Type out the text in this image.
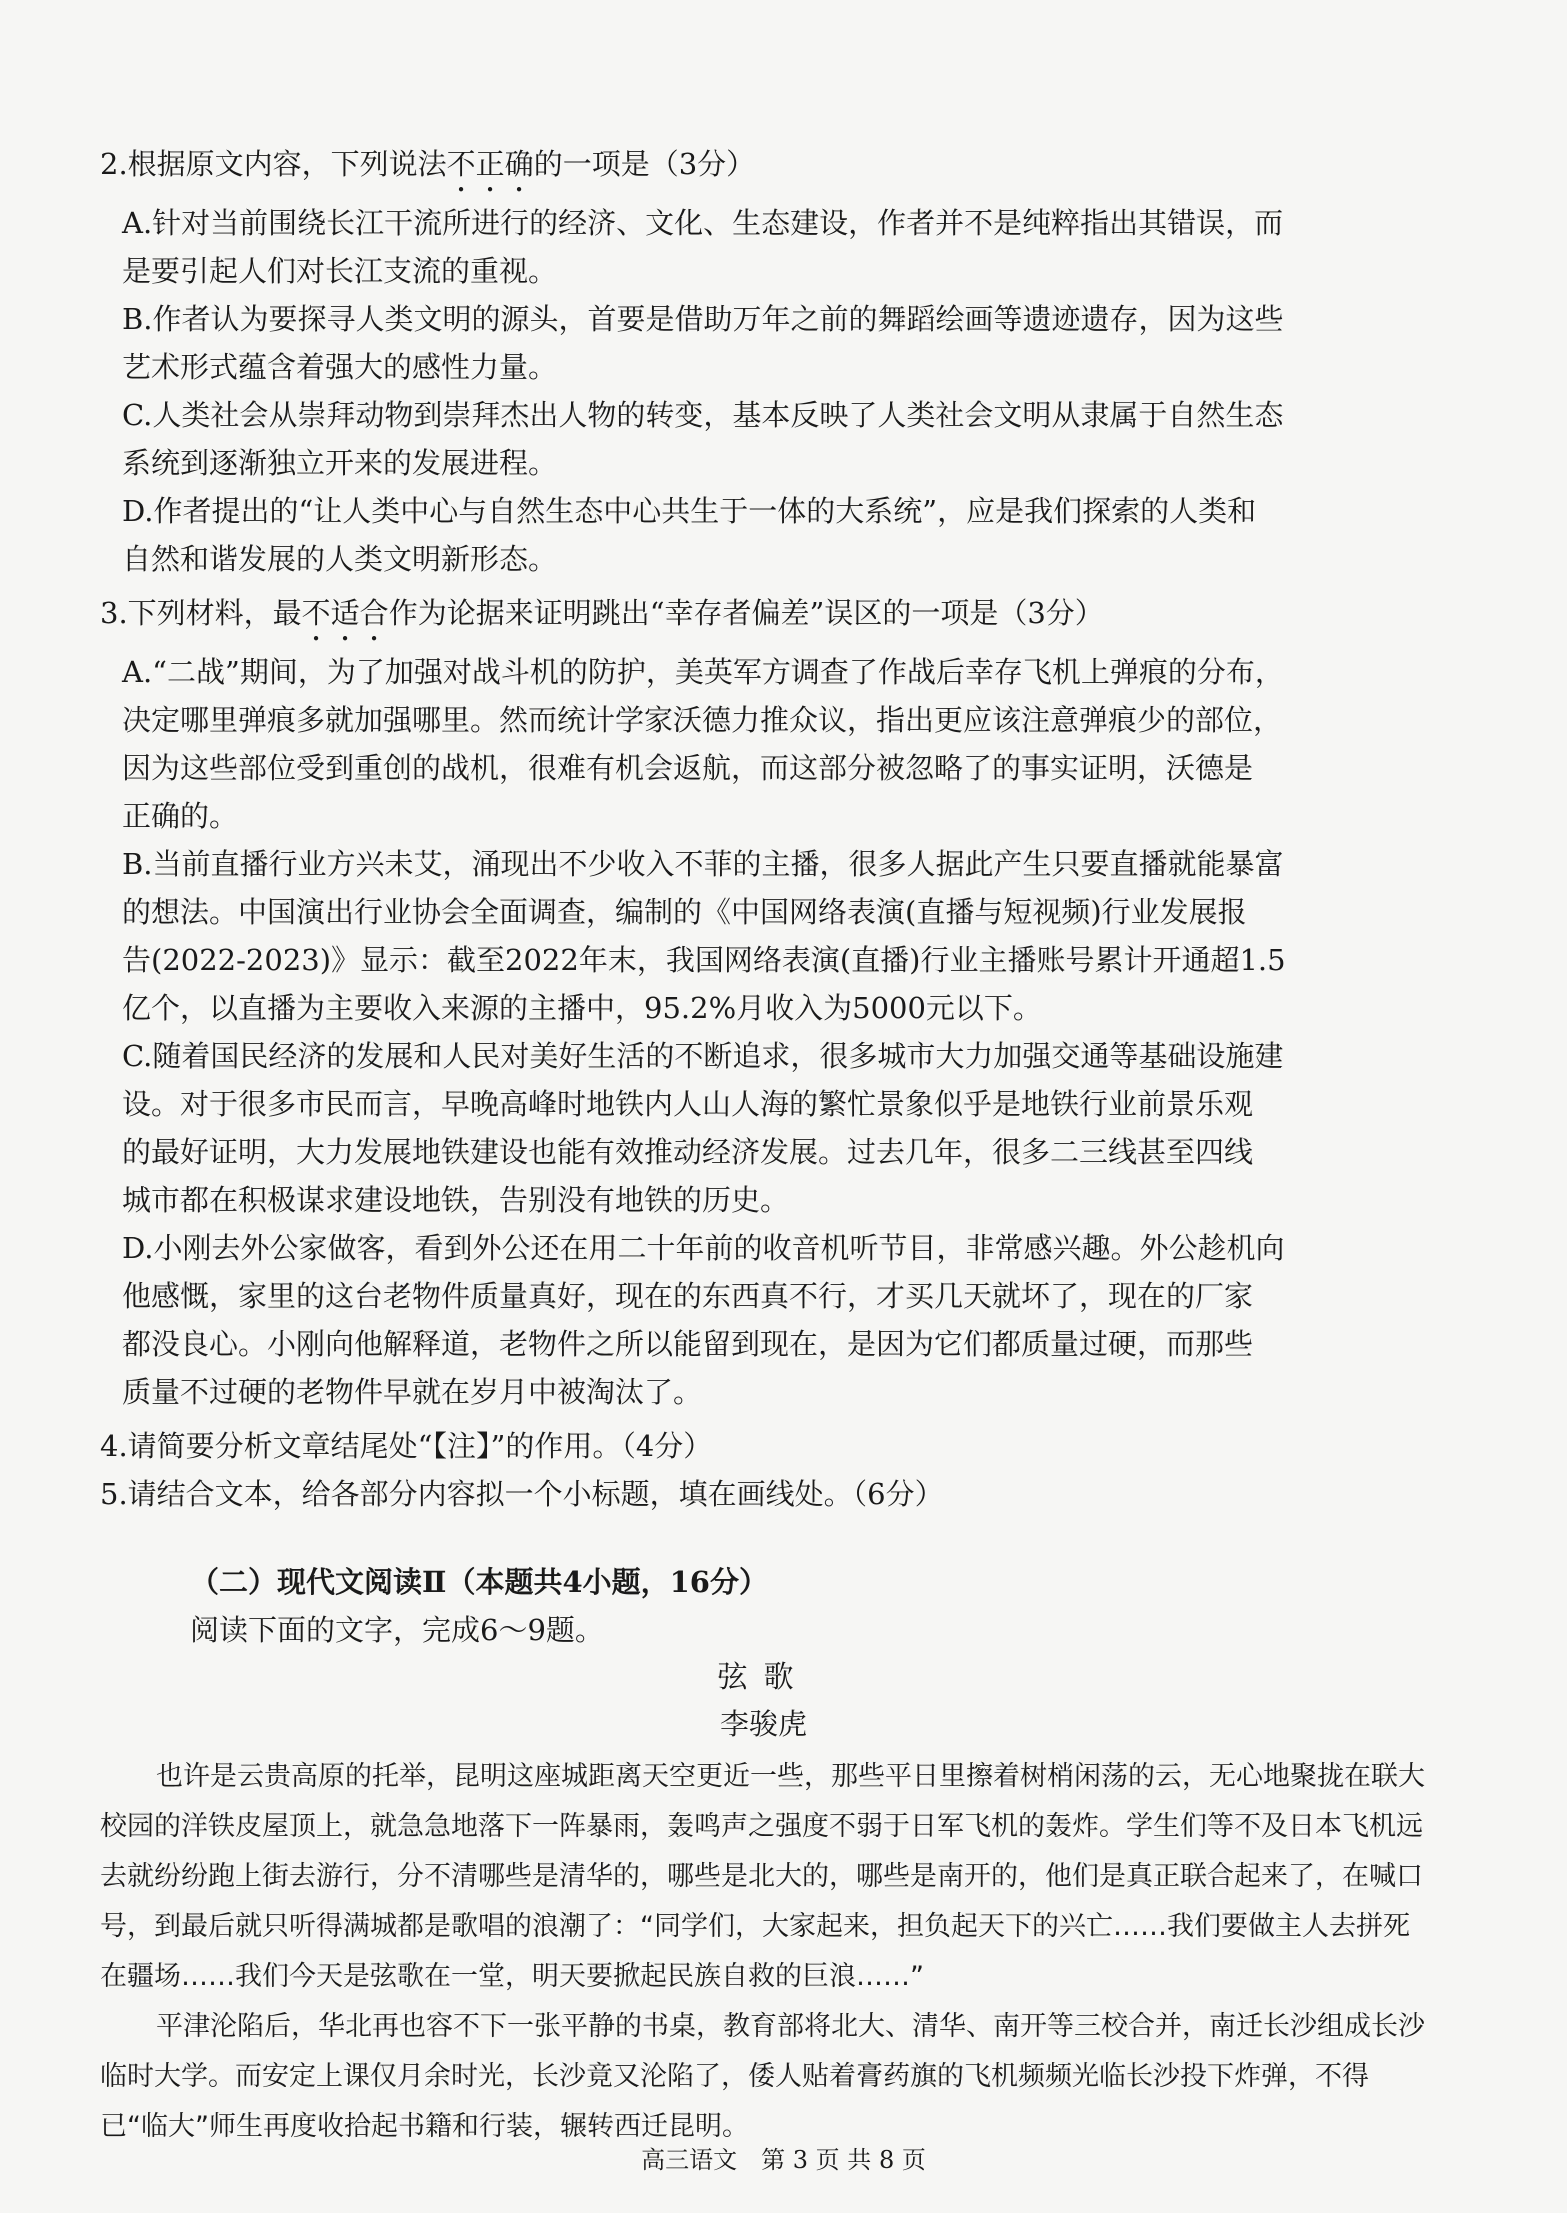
2.根据原文内容，下列说法不正确的一项是（3分）
A.针对当前围绕长江干流所进行的经济、文化、生态建设，作者并不是纯粹指出其错误，而
是要引起人们对长江支流的重视。
B.作者认为要探寻人类文明的源头，首要是借助万年之前的舞蹈绘画等遗迹遗存，因为这些
艺术形式蕴含着强大的感性力量。
C.人类社会从崇拜动物到崇拜杰出人物的转变，基本反映了人类社会文明从隶属于自然生态
系统到逐渐独立开来的发展进程。
D.作者提出的“让人类中心与自然生态中心共生于一体的大系统”，应是我们探索的人类和
自然和谐发展的人类文明新形态。
3.下列材料，最不适合作为论据来证明跳出“幸存者偏差”误区的一项是（3分）
A.“二战”期间，为了加强对战斗机的防护，美英军方调查了作战后幸存飞机上弹痕的分布，
决定哪里弹痕多就加强哪里。然而统计学家沃德力推众议，指出更应该注意弹痕少的部位，
因为这些部位受到重创的战机，很难有机会返航，而这部分被忽略了的事实证明，沃德是
正确的。
B.当前直播行业方兴未艾，涌现出不少收入不菲的主播，很多人据此产生只要直播就能暴富
的想法。中国演出行业协会全面调查，编制的《中国网络表演(直播与短视频)行业发展报
告(2022-2023)》显示：截至2022年末，我国网络表演(直播)行业主播账号累计开通超1.5
亿个，以直播为主要收入来源的主播中，95.2%月收入为5000元以下。
C.随着国民经济的发展和人民对美好生活的不断追求，很多城市大力加强交通等基础设施建
设。对于很多市民而言，早晚高峰时地铁内人山人海的繁忙景象似乎是地铁行业前景乐观
的最好证明，大力发展地铁建设也能有效推动经济发展。过去几年，很多二三线甚至四线
城市都在积极谋求建设地铁，告别没有地铁的历史。
D.小刚去外公家做客，看到外公还在用二十年前的收音机听节目，非常感兴趣。外公趁机向
他感慨，家里的这台老物件质量真好，现在的东西真不行，才买几天就坏了，现在的厂家
都没良心。小刚向他解释道，老物件之所以能留到现在，是因为它们都质量过硬，而那些
质量不过硬的老物件早就在岁月中被淘汰了。

4.请简要分析文章结尾处“【注】”的作用。（4分）

5.请结合文本，给各部分内容拟一个小标题，填在画线处。（6分）

（二）现代文阅读Ⅱ（本题共4小题，16分）

阅读下面的文字，完成6～9题。

弦歌

李骏虎

也许是云贵高原的托举，昆明这座城距离天空更近一些，那些平日里擦着树梢闲荡的云，无心地聚拢在联大校园的洋铁皮屋顶上，就急急地落下一阵暴雨，轰鸣声之强度不弱于日军飞机的轰炸。学生们等不及日本飞机远去就纷纷跑上街去游行，分不清哪些是清华的，哪些是北大的，哪些是南开的，他们是真正联合起来了，在喊口号，到最后就只听得满城都是歌唱的浪潮了：“同学们，大家起来，担负起天下的兴亡……我们要做主人去拼死在疆场……我们今天是弦歌在一堂，明天要掀起民族自救的巨浪……”

平津沦陷后，华北再也容不下一张平静的书桌，教育部将北大、清华、南开等三校合并，南迁长沙组成长沙临时大学。而安定上课仅月余时光，长沙竟又沦陷了，倭人贴着膏药旗的飞机频频光临长沙投下炸弹，不得已“临大”师生再度收拾起书籍和行装，辗转西迁昆明。

高三语文　第 3 页 共 8 页
